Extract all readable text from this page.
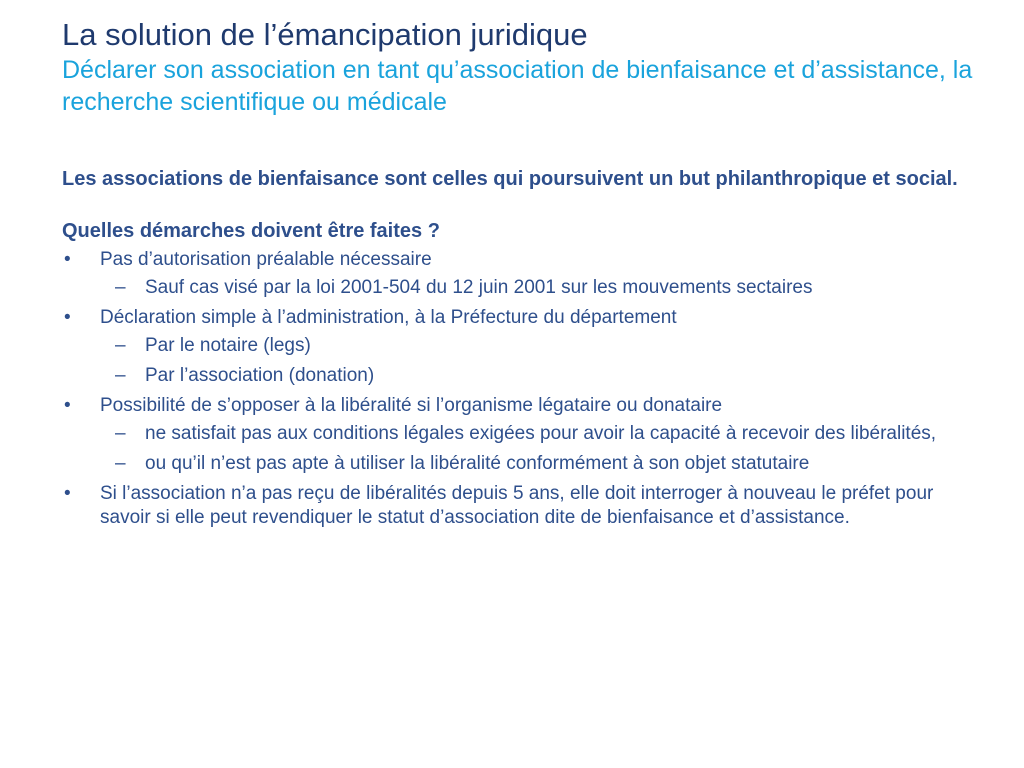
La solution de l’émancipation juridique
Déclarer son association en tant qu’association de bienfaisance et d’assistance, la recherche scientifique ou médicale

Les associations de bienfaisance sont celles qui poursuivent un but philanthropique et social.

Quelles démarches doivent être faites ?

• Pas d’autorisation préalable nécessaire
– Sauf cas visé par la loi 2001-504 du 12 juin 2001 sur les mouvements sectaires
• Déclaration simple à l’administration, à la Préfecture du département
– Par le notaire (legs)
– Par l’association (donation)
• Possibilité de s’opposer à la libéralité si l’organisme légataire ou donataire
– ne satisfait pas aux conditions légales exigées pour avoir la capacité à recevoir des libéralités,
– ou qu’il n’est pas apte à utiliser la libéralité conformément à son objet statutaire
• Si l’association n’a pas reçu de libéralités depuis 5 ans, elle doit interroger à nouveau le préfet pour savoir si elle peut revendiquer le statut d’association dite de bienfaisance et d’assistance.
